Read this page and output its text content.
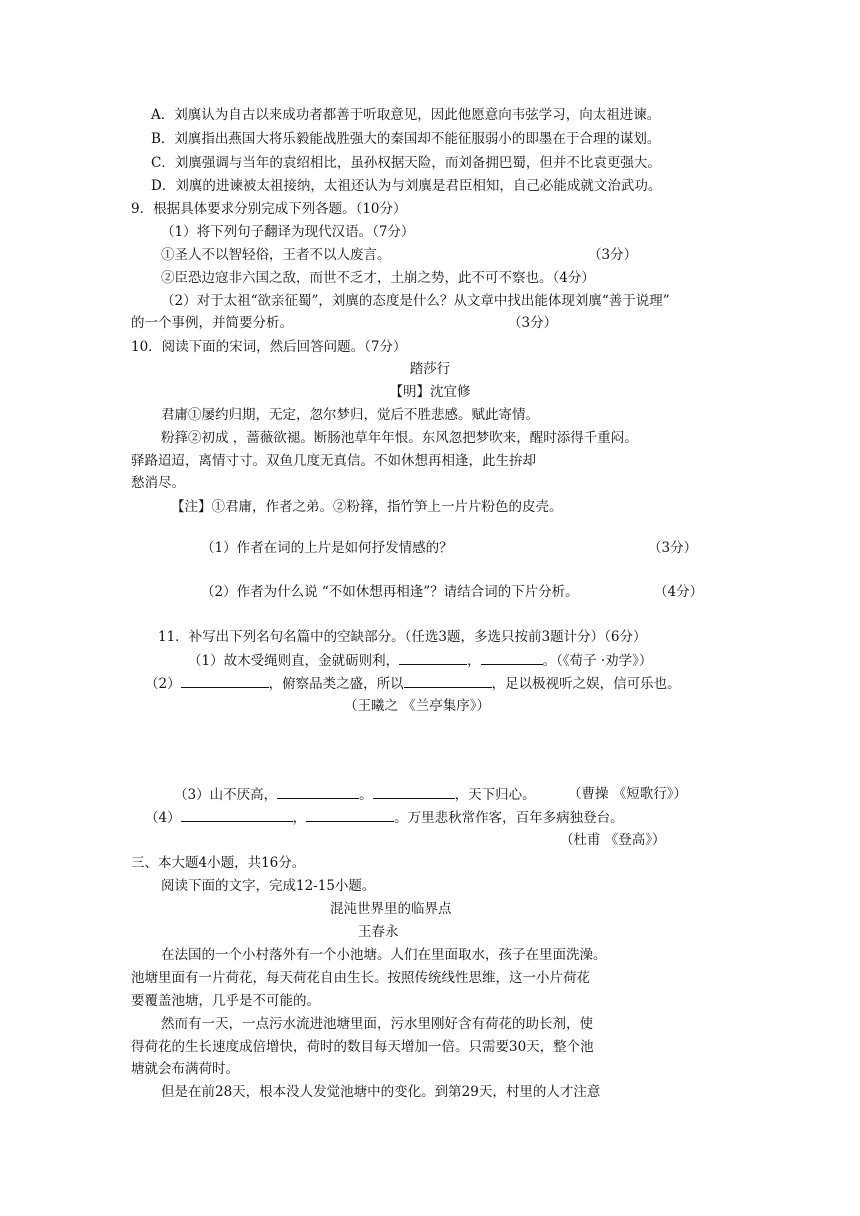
A．刘廙认为自古以来成功者都善于听取意见，因此他愿意向韦弦学习，向太祖进谏。
B．刘廙指出燕国大将乐毅能战胜强大的秦国却不能征服弱小的即墨在于合理的谋划。
C．刘廙强调与当年的袁绍相比，虽孙权据天险，而刘备拥巴蜀，但并不比袁更强大。
D．刘廙的进谏被太祖接纳，太祖还认为与刘廙是君臣相知，自己必能成就文治武功。
9．根据具体要求分别完成下列各题。（10分）
（1）将下列句子翻译为现代汉语。（7分）
①圣人不以智轻俗，王者不以人废言。	（3分）
②臣恐边寇非六国之敌，而世不乏才，土崩之势，此不可不察也。（4分）
（2）对于太祖“欲亲征蜀”，刘廙的态度是什么？从文章中找出能体现刘廙“善于说理”
的一个事例，并简要分析。	（3分）
10．阅读下面的宋词，然后回答问题。（7分）
踏莎行
【明】沈宜修
君庸①屡约归期，无定，忽尔梦归，觉后不胜悲感。赋此寄情。
粉箨②初成 ，蔷薇欲褪。断肠池草年年恨。东风忽把梦吹来，醒时添得千重闷。
驿路迢迢，离情寸寸。双鱼几度无真信。不如休想再相逢，此生拚却
愁消尽。
【注】①君庸，作者之弟。②粉箨，指竹笋上一片片粉色的皮壳。
（1）作者在词的上片是如何抒发情感的？	（3分）
（2）作者为什么说 “不如休想再相逢”？请结合词的下片分析。	（4分）
11．补写出下列名句名篇中的空缺部分。（任选3题，多选只按前3题计分）（6分）
（1）故木受绳则直，金就砺则利，	，	。（《荀子 ·劝学》）
（2）	，俯察品类之盛，所以	，足以极视听之娱，信可乐也。
（王曦之 《兰亭集序》）
（3）山不厌高，	。	，天下归心。 （曹操 《短歌行》）
（4）	，	。万里悲秋常作客，百年多病独登台。
（杜甫 《登高》）
三、本大题4小题，共16分。
阅读下面的文字，完成12-15小题。
混沌世界里的临界点
王春永
在法国的一个小村落外有一个小池塘。人们在里面取水，孩子在里面洗澡。
池塘里面有一片荷花，每天荷花自由生长。按照传统线性思维，这一小片荷花
要覆盖池塘，几乎是不可能的。
然而有一天，一点污水流进池塘里面，污水里刚好含有荷花的助长剂，使
得荷花的生长速度成倍增快，荷时的数目每天增加一倍。只需要30天，整个池
塘就会布满荷时。
但是在前28天，根本没人发觉池塘中的变化。到第29天，村里的人才注意
